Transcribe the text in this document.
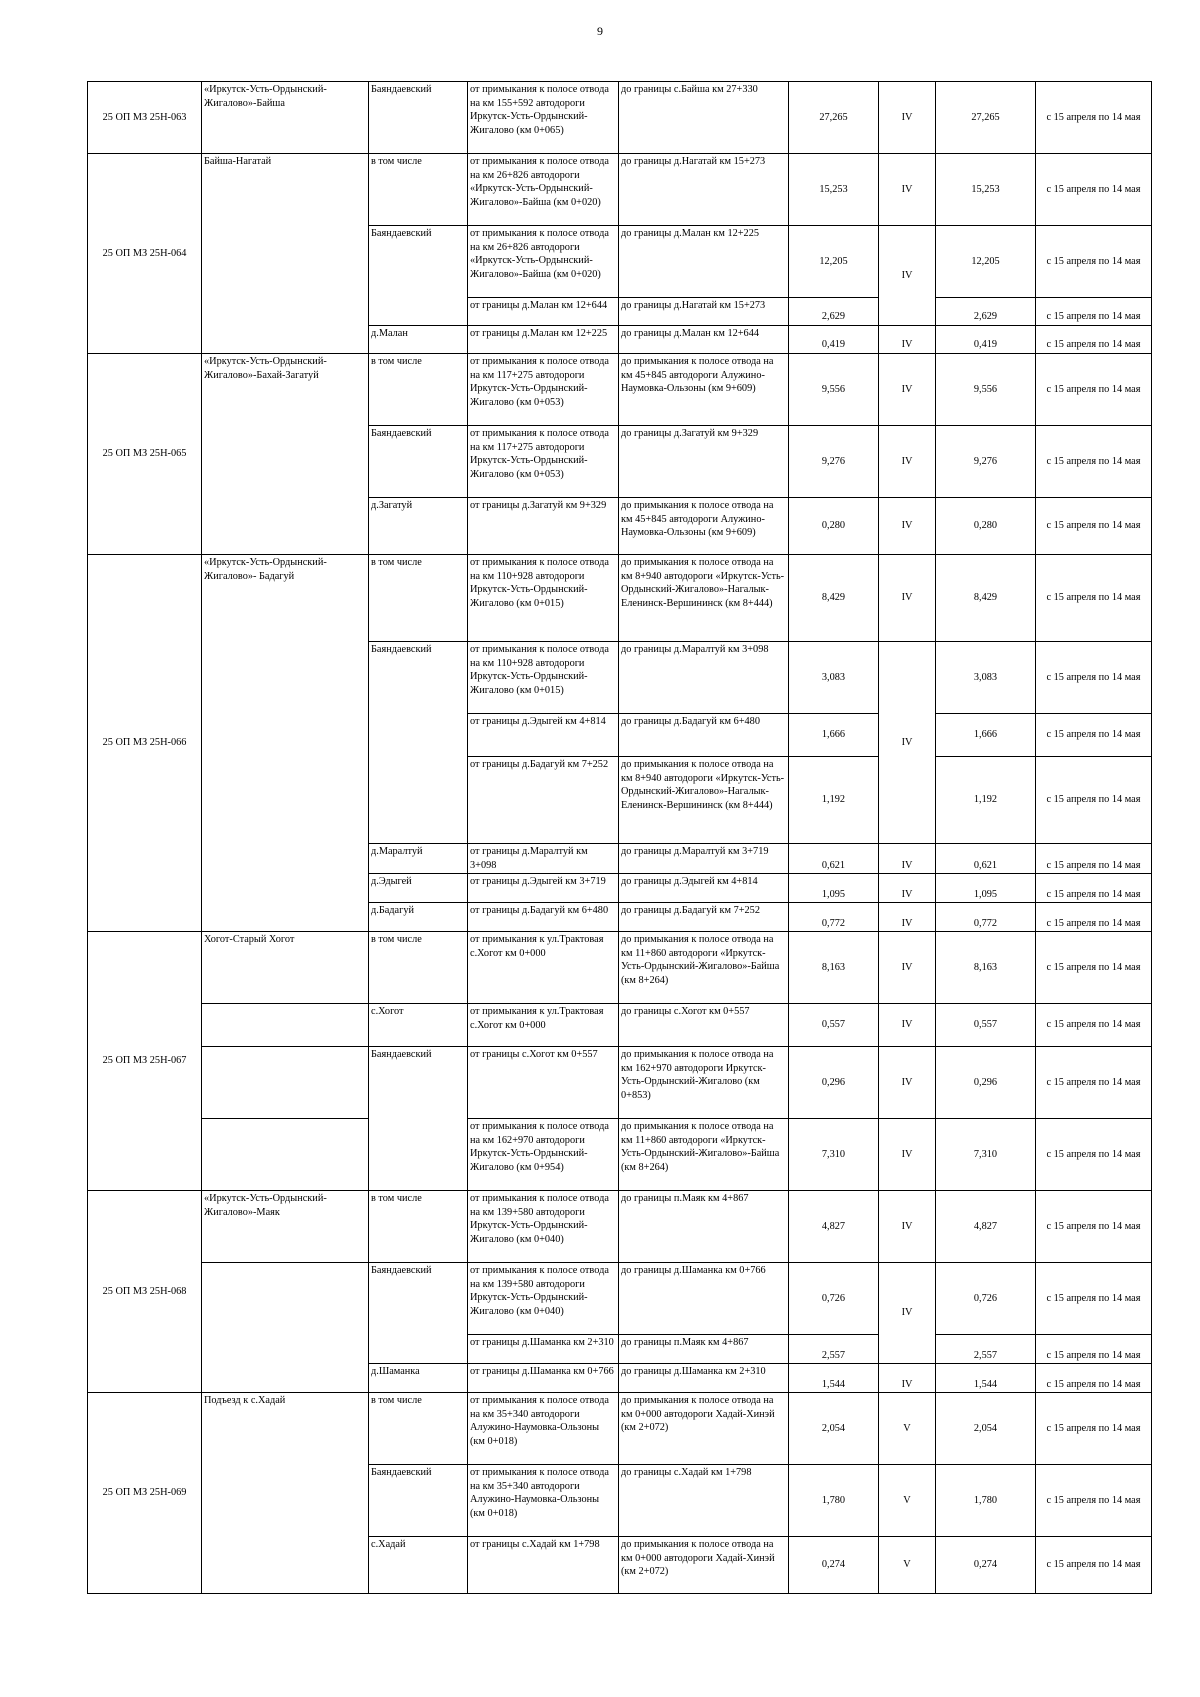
9
25 ОП МЗ 25Н-063	«Иркутск-Усть-Ордынский-Жигалово»-Байша	Баяндаевский	от примыкания к полосе отвода на км 155+592 автодороги Иркутск-Усть-Ордынский-Жигалово (км 0+065)	до границы с.Байша км 27+330	27,265	IV	27,265	с 15 апреля по 14 мая
25 ОП МЗ 25Н-064	Байша-Нагатай	в том числе	от примыкания к полосе отвода на км 26+826 автодороги «Иркутск-Усть-Ордынский-Жигалово»-Байша (км 0+020)	до границы д.Нагатай км 15+273	15,253	IV	15,253	с 15 апреля по 14 мая
		Баяндаевский	от примыкания к полосе отвода на км 26+826 автодороги «Иркутск-Усть-Ордынский-Жигалово»-Байша (км 0+020)	до границы д.Малан км 12+225	12,205	IV	12,205	с 15 апреля по 14 мая
			от границы д.Малан км 12+644	до границы д.Нагатай км 15+273	2,629		2,629	с 15 апреля по 14 мая
		д.Малан	от границы д.Малан км 12+225	до границы д.Малан км 12+644	0,419	IV	0,419	с 15 апреля по 14 мая
25 ОП МЗ 25Н-065	«Иркутск-Усть-Ордынский-Жигалово»-Бахай-Загатуй	в том числе	от примыкания к полосе отвода на км 117+275 автодороги Иркутск-Усть-Ордынский-Жигалово (км 0+053)	до примыкания к полосе отвода на км 45+845 автодороги Алужино-Наумовка-Ользоны (км 9+609)	9,556	IV	9,556	с 15 апреля по 14 мая
		Баяндаевский	от примыкания к полосе отвода на км 117+275 автодороги Иркутск-Усть-Ордынский-Жигалово (км 0+053)	до границы д.Загатуй км 9+329	9,276	IV	9,276	с 15 апреля по 14 мая
		д.Загатуй	от границы д.Загатуй км 9+329	до примыкания к полосе отвода на км 45+845 автодороги Алужино-Наумовка-Ользоны (км 9+609)	0,280	IV	0,280	с 15 апреля по 14 мая
25 ОП МЗ 25Н-066	«Иркутск-Усть-Ордынский-Жигалово»- Бадагуй	в том числе	от примыкания к полосе отвода на км 110+928 автодороги Иркутск-Усть-Ордынский-Жигалово (км 0+015)	до примыкания к полосе отвода на км 8+940 автодороги «Иркутск-Усть-Ордынский-Жигалово»-Нагалык-Еленинск-Вершининск (км 8+444)	8,429	IV	8,429	с 15 апреля по 14 мая
		Баяндаевский	от примыкания к полосе отвода на км 110+928 автодороги Иркутск-Усть-Ордынский-Жигалово (км 0+015)	до границы д.Маралтуй км 3+098	3,083	IV	3,083	с 15 апреля по 14 мая
			от границы д.Эдыгей км 4+814	до границы д.Бадагуй км 6+480	1,666		1,666	с 15 апреля по 14 мая
			от границы д.Бадагуй км 7+252	до примыкания к полосе отвода на км 8+940 автодороги «Иркутск-Усть-Ордынский-Жигалово»-Нагалык-Еленинск-Вершининск (км 8+444)	1,192		1,192	с 15 апреля по 14 мая
		д.Маралтуй	от границы д.Маралтуй км 3+098	до границы д.Маралтуй км 3+719	0,621	IV	0,621	с 15 апреля по 14 мая
		д.Эдыгей	от границы д.Эдыгей км 3+719	до границы д.Эдыгей км 4+814	1,095	IV	1,095	с 15 апреля по 14 мая
		д.Бадагуй	от границы д.Бадагуй км 6+480	до границы д.Бадагуй км 7+252	0,772	IV	0,772	с 15 апреля по 14 мая
25 ОП МЗ 25Н-067	Хогот-Старый Хогот	в том числе	от примыкания к ул.Трактовая с.Хогот км 0+000	до примыкания к полосе отвода на км 11+860 автодороги «Иркутск-Усть-Ордынский-Жигалово»-Байша (км 8+264)	8,163	IV	8,163	с 15 апреля по 14 мая
		с.Хогот	от примыкания к ул.Трактовая с.Хогот км 0+000	до границы с.Хогот км 0+557	0,557	IV	0,557	с 15 апреля по 14 мая
		Баяндаевский	от границы с.Хогот км 0+557	до примыкания к полосе отвода на км 162+970 автодороги Иркутск-Усть-Ордынский-Жигалово (км 0+853)	0,296	IV	0,296	с 15 апреля по 14 мая
			от примыкания к полосе отвода на км 162+970 автодороги Иркутск-Усть-Ордынский-Жигалово (км 0+954)	до примыкания к полосе отвода на км 11+860 автодороги «Иркутск-Усть-Ордынский-Жигалово»-Байша (км 8+264)	7,310	IV	7,310	с 15 апреля по 14 мая
25 ОП МЗ 25Н-068	«Иркутск-Усть-Ордынский-Жигалово»-Маяк	в том числе	от примыкания к полосе отвода на км 139+580 автодороги Иркутск-Усть-Ордынский-Жигалово (км 0+040)	до границы п.Маяк км 4+867	4,827	IV	4,827	с 15 апреля по 14 мая
		Баяндаевский	от примыкания к полосе отвода на км 139+580 автодороги Иркутск-Усть-Ордынский-Жигалово (км 0+040)	до границы д.Шаманка км 0+766	0,726	IV	0,726	с 15 апреля по 14 мая
			от границы д.Шаманка км 2+310	до границы п.Маяк км 4+867	2,557		2,557	с 15 апреля по 14 мая
		д.Шаманка	от границы д.Шаманка км 0+766	до границы д.Шаманка км 2+310	1,544	IV	1,544	с 15 апреля по 14 мая
25 ОП МЗ 25Н-069	Подъезд к с.Хадай	в том числе	от примыкания к полосе отвода на км 35+340 автодороги Алужино-Наумовка-Ользоны (км 0+018)	до примыкания к полосе отвода на км 0+000 автодороги Хадай-Хинэй (км 2+072)	2,054	V	2,054	с 15 апреля по 14 мая
		Баяндаевский	от примыкания к полосе отвода на км 35+340 автодороги Алужино-Наумовка-Ользоны (км 0+018)	до границы с.Хадай км 1+798	1,780	V	1,780	с 15 апреля по 14 мая
		с.Хадай	от границы с.Хадай км 1+798	до примыкания к полосе отвода на км 0+000 автодороги Хадай-Хинэй (км 2+072)	0,274	V	0,274	с 15 апреля по 14 мая
